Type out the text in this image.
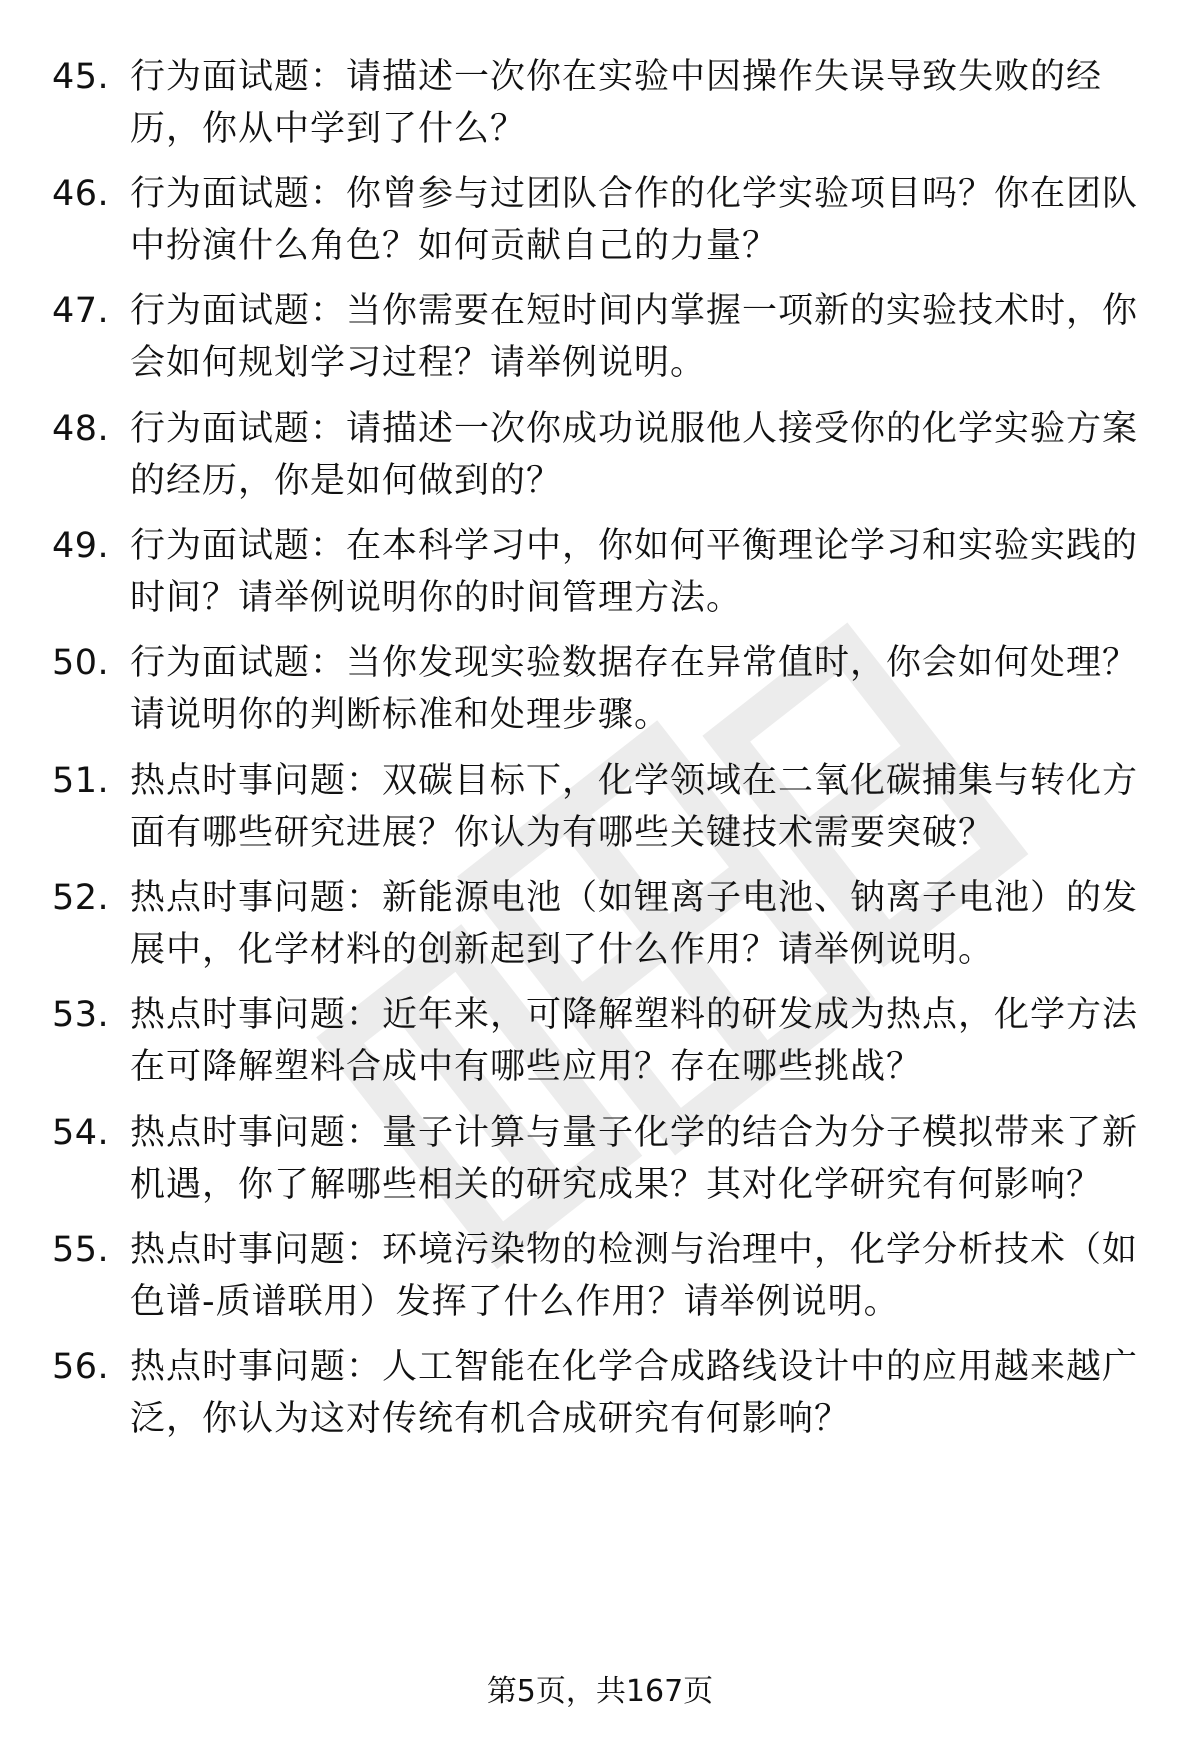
45. 行为面试题：请描述一次你在实验中因操作失误导致失败的经历，你从中学到了什么？
46. 行为面试题：你曾参与过团队合作的化学实验项目吗？你在团队中扮演什么角色？如何贡献自己的力量？
47. 行为面试题：当你需要在短时间内掌握一项新的实验技术时，你会如何规划学习过程？请举例说明。
48. 行为面试题：请描述一次你成功说服他人接受你的化学实验方案的经历，你是如何做到的？
49. 行为面试题：在本科学习中，你如何平衡理论学习和实验实践的时间？请举例说明你的时间管理方法。
50. 行为面试题：当你发现实验数据存在异常值时，你会如何处理？请说明你的判断标准和处理步骤。
51. 热点时事问题：双碳目标下，化学领域在二氧化碳捕集与转化方面有哪些研究进展？你认为有哪些关键技术需要突破？
52. 热点时事问题：新能源电池（如锂离子电池、钠离子电池）的发展中，化学材料的创新起到了什么作用？请举例说明。
53. 热点时事问题：近年来，可降解塑料的研发成为热点，化学方法在可降解塑料合成中有哪些应用？存在哪些挑战？
54. 热点时事问题：量子计算与量子化学的结合为分子模拟带来了新机遇，你了解哪些相关的研究成果？其对化学研究有何影响？
55. 热点时事问题：环境污染物的检测与治理中，化学分析技术（如色谱-质谱联用）发挥了什么作用？请举例说明。
56. 热点时事问题：人工智能在化学合成路线设计中的应用越来越广泛，你认为这对传统有机合成研究有何影响？
第5页，共167页
